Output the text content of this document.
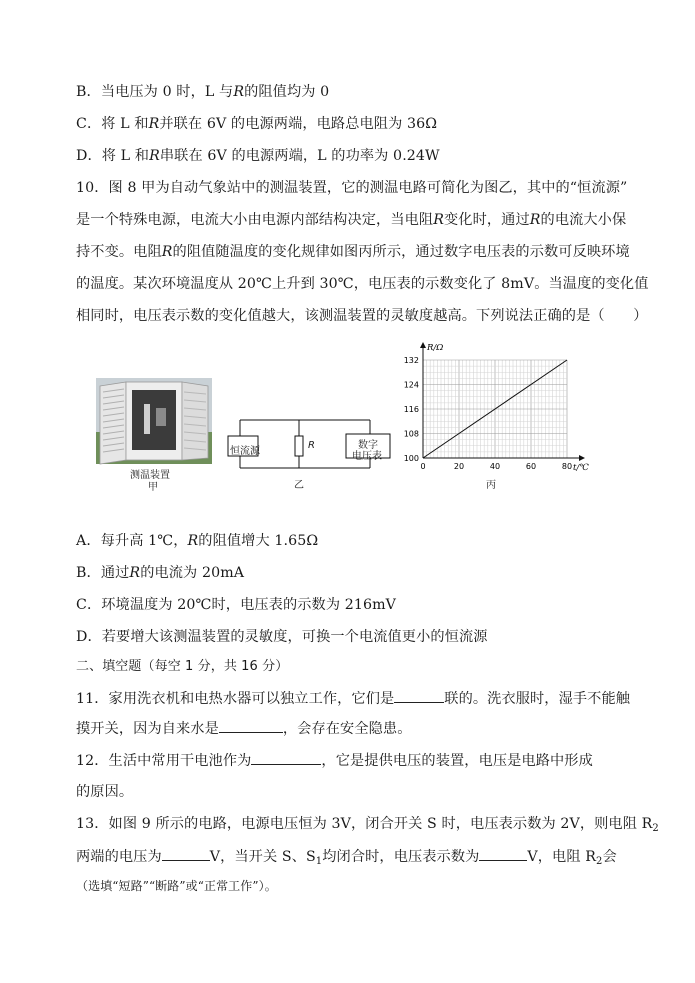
B．当电压为 0 时，L 与R的阻值均为 0
C．将 L 和R并联在 6V 的电源两端，电路总电阻为 36Ω
D．将 L 和R串联在 6V 的电源两端，L 的功率为 0.24W
10．图 8 甲为自动气象站中的测温装置，它的测温电路可简化为图乙，其中的“恒流源”
是一个特殊电源，电流大小由电源内部结构决定，当电阻R变化时，通过R的电流大小保
持不变。电阻R的阻值随温度的变化规律如图丙所示，通过数字电压表的示数可反映环境
的温度。某次环境温度从 20℃上升到 30℃，电压表的示数变化了 8mV。当温度的变化值
相同时，电压表示数的变化值越大，该测温装置的灵敏度越高。下列说法正确的是（　　）
测温装置
甲
恒流源
R	数字
电压表
乙
0	20	40	60	80
100
108
116
124
132
R/Ω
t/℃
丙
A．每升高 1℃，R的阻值增大 1.65Ω
B．通过R的电流为 20mA
C．环境温度为 20℃时，电压表的示数为 216mV
D．若要增大该测温装置的灵敏度，可换一个电流值更小的恒流源
二、填空题（每空 1 分，共 16 分）
11．家用洗衣机和电热水器可以独立工作，它们是	联的。洗衣服时，湿手不能触
摸开关，因为自来水是	，会存在安全隐患。
12．生活中常用干电池作为	，它是提供电压的装置，电压是电路中形成
的原因。
13．如图 9 所示的电路，电源电压恒为 3V，闭合开关 S 时，电压表示数为 2V，则电阻 $R_2$
两端的电压为	V，当开关 S、$S_1$均闭合时，电压表示数为	V，电阻 $R_2$会
（选填“短路”“断路”或“正常工作”）。
